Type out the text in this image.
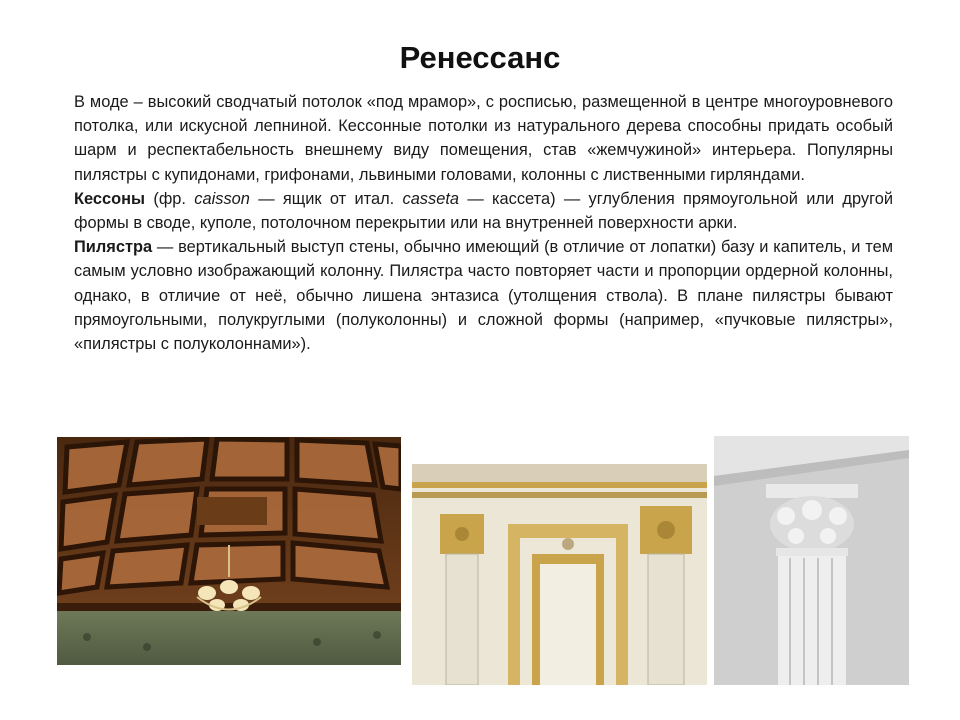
Ренессанс

В моде – высокий сводчатый потолок «под мрамор», с росписью, размещенной в центре многоуровневого потолка, или искусной лепниной. Кессонные потолки из натурального дерева способны придать особый шарм и респектабельность внешнему виду помещения, став «жемчужиной» интерьера. Популярны пилястры с купидонами, грифонами, львиными головами, колонны с лиственными гирляндами.

Кессоны (фр. caisson — ящик от итал. casseta — кассета) — углубления прямоугольной или другой формы в своде, куполе, потолочном перекрытии или на внутренней поверхности арки.

Пилястра — вертикальный выступ стены, обычно имеющий (в отличие от лопатки) базу и капитель, и тем самым условно изображающий колонну. Пилястра часто повторяет части и пропорции ордерной колонны, однако, в отличие от неё, обычно лишена энтазиса (утолщения ствола). В плане пилястры бывают прямоугольными, полукруглыми (полуколонны) и сложной формы (например, «пучковые пилястры», «пилястры с полуколоннами»).
